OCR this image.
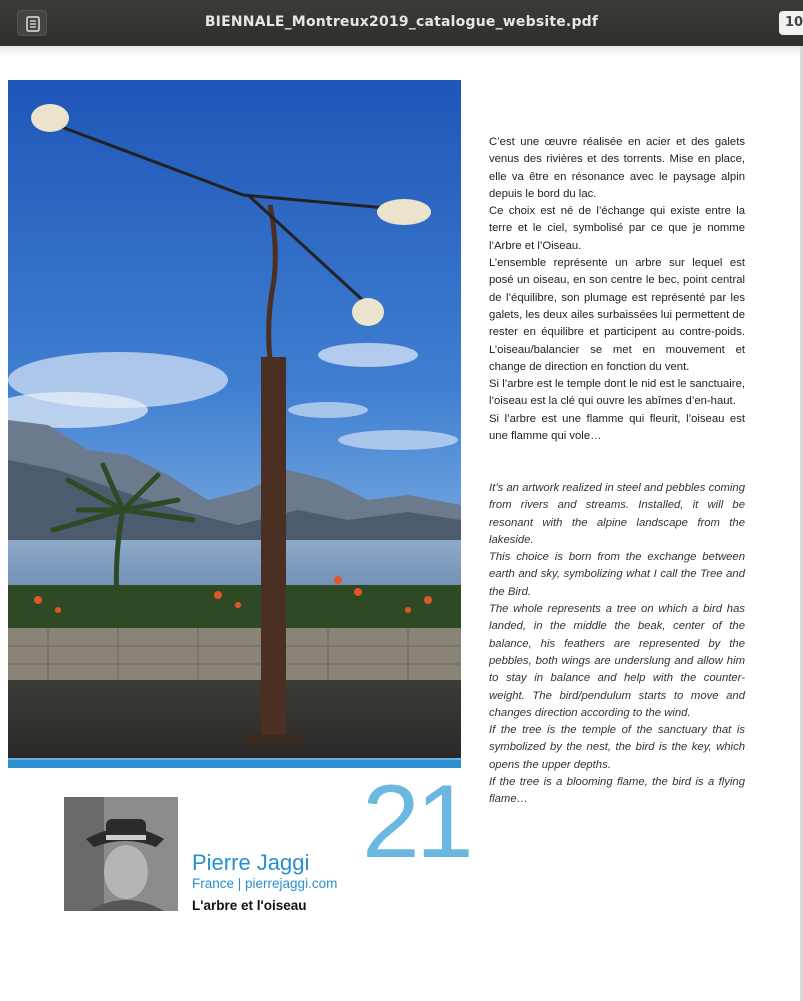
BIENNALE_Montreux2019_catalogue_website.pdf	10

C’est une œuvre réalisée en acier et des galets venus des rivières et des torrents. Mise en place, elle va être en résonance avec le paysage alpin depuis le bord du lac.

Ce choix est né de l’échange qui existe entre la terre et le ciel, symbolisé par ce que je nomme l’Arbre et l’Oiseau.

L’ensemble représente un arbre sur lequel est posé un oiseau, en son centre le bec, point central de l’équilibre, son plumage est représenté par les galets, les deux ailes surbaissées lui permettent de rester en équilibre et participent au contre-poids. L’oiseau/balancier se met en mouvement et change de direction en fonction du vent.

Si l’arbre est le temple dont le nid est le sanctuaire, l’oiseau est la clé qui ouvre les abîmes d’en-haut.

Si l’arbre est une flamme qui fleurit, l’oiseau est une flamme qui vole…

It’s an artwork realized in steel and pebbles coming from rivers and streams. Installed, it will be resonant with the alpine landscape from the lakeside.

This choice is born from the exchange between earth and sky, symbolizing what I call the Tree and the Bird.

The whole represents a tree on which a bird has landed, in the middle the beak, center of the balance, his feathers are represented by the pebbles, both wings are underslung and allow him to stay in balance and help with the counter-weight. The bird/pendulum starts to move and changes direction according to the wind.

If the tree is the temple of the sanctuary that is symbolized by the nest, the bird is the key, which opens the upper depths.

If the tree is a blooming flame, the bird is a flying flame…

Pierre Jaggi
France | pierrejaggi.com
L'arbre et l'oiseau
21
